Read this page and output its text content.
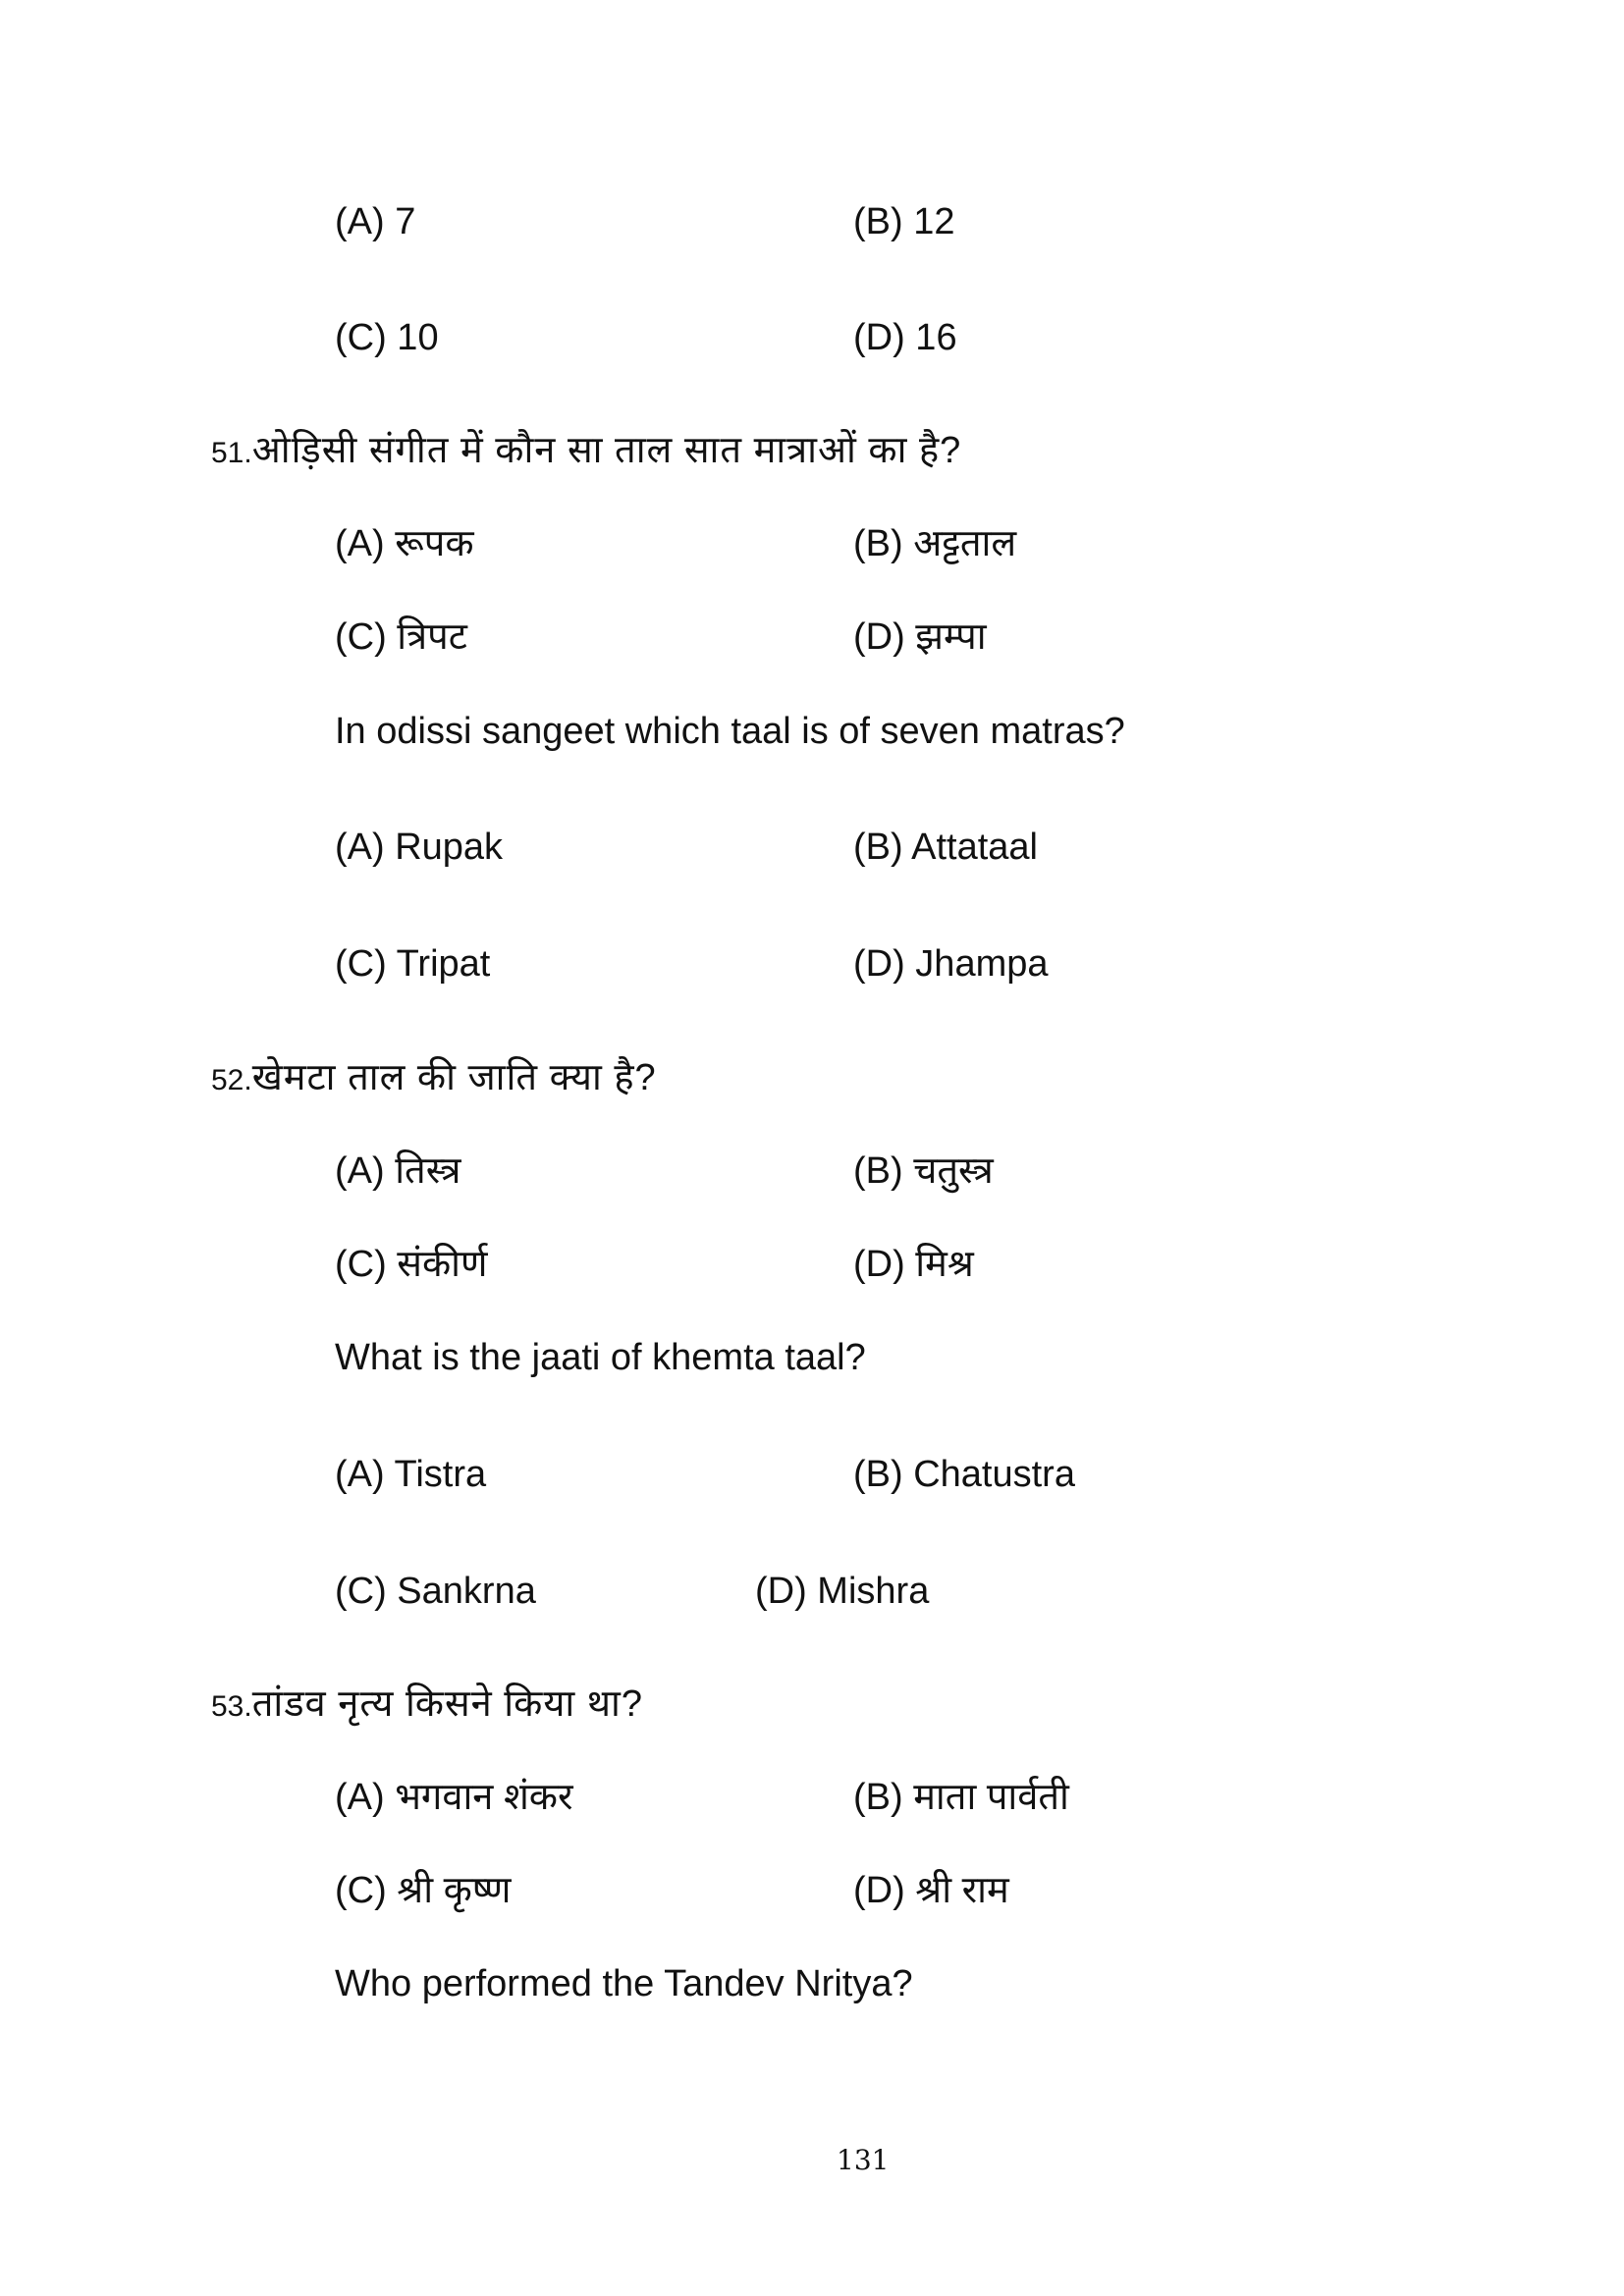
(A) 7	(B) 12
(C) 10	(D) 16
51.ओड़िसी संगीत में कौन सा ताल सात मात्राओं का है?
(A) रूपक	(B) अट्टताल
(C) त्रिपट	(D) झम्पा
In odissi sangeet which taal is of seven matras?
(A) Rupak	(B) Attataal
(C) Tripat	(D) Jhampa
52.खेमटा ताल की जाति क्या है?
(A) तिस्त्र	(B) चतुस्त्र
(C) संकीर्ण	(D) मिश्र
What is the jaati of khemta taal?
(A) Tistra	(B) Chatustra
(C) Sankrna	(D) Mishra
53.तांडव नृत्य किसने किया था?
(A) भगवान शंकर	(B) माता पार्वती
(C) श्री कृष्ण	(D) श्री राम
Who performed the Tandev Nritya?
131
